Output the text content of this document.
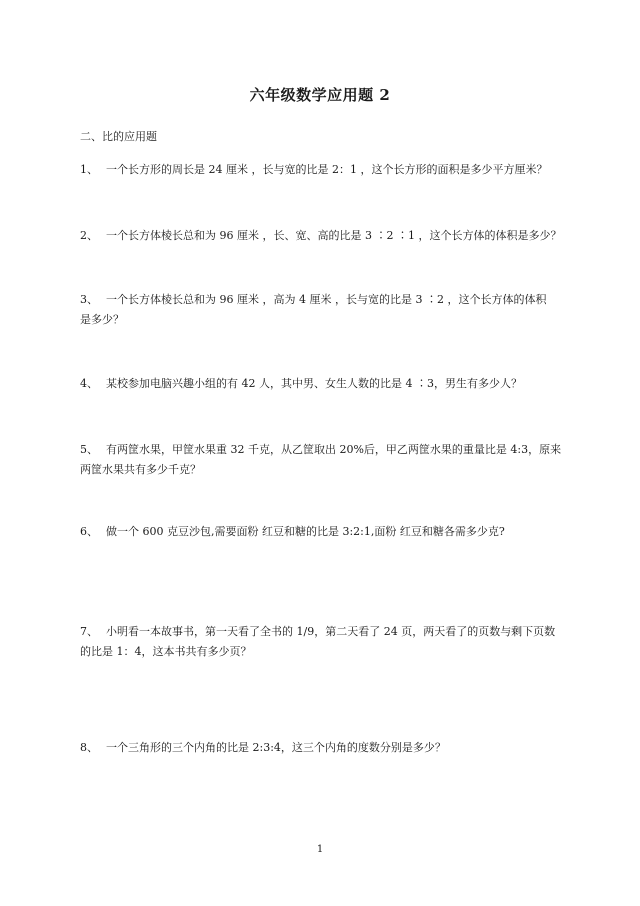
六年级数学应用题 2
二、比的应用题
1、 一个长方形的周长是 24 厘米 ，长与宽的比是 2：1 ，这个长方形的面积是多少平方厘米？
2、 一个长方体棱长总和为 96 厘米 ，长、宽、高的比是 3 ∶2 ∶1 ，这个长方体的体积是多少？
3、 一个长方体棱长总和为 96 厘米 ，高为 4 厘米 ，长与宽的比是 3 ∶2 ，这个长方体的体积
是多少？
4、 某校参加电脑兴趣小组的有 42 人，其中男、女生人数的比是 4 ∶3，男生有多少人？
5、 有两筐水果，甲筐水果重 32 千克，从乙筐取出 20%后，甲乙两筐水果的重量比是 4:3，原来
两筐水果共有多少千克？
6、 做一个 600 克豆沙包,需要面粉 红豆和糖的比是 3:2:1,面粉 红豆和糖各需多少克?
7、 小明看一本故事书，第一天看了全书的 1/9，第二天看了 24 页，两天看了的页数与剩下页数
的比是 1：4，这本书共有多少页？
8、 一个三角形的三个内角的比是 2:3:4，这三个内角的度数分别是多少？
1
